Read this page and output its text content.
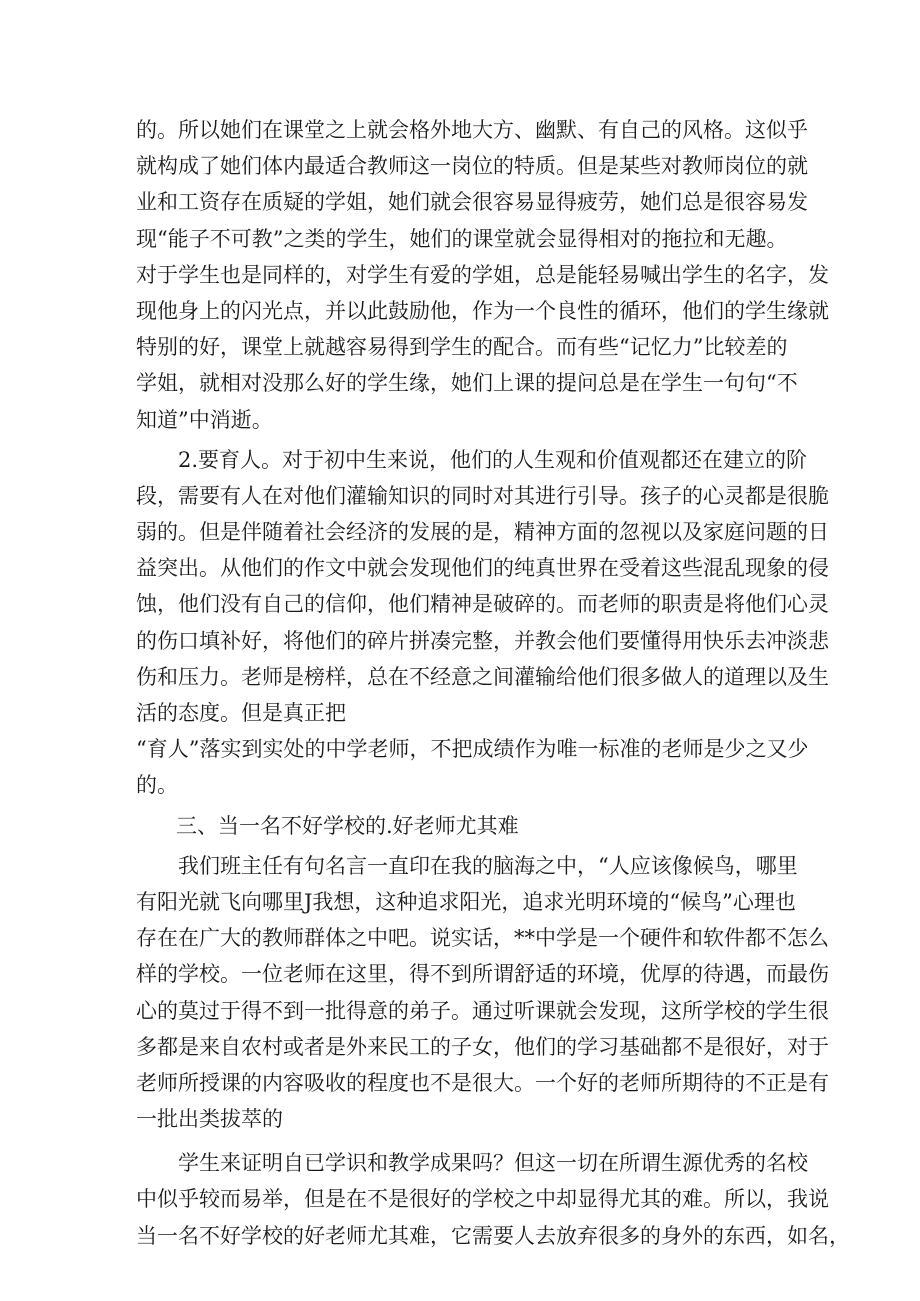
的。所以她们在课堂之上就会格外地大方、幽默、有自己的风格。这似乎
就构成了她们体内最适合教师这一岗位的特质。但是某些对教师岗位的就
业和工资存在质疑的学姐，她们就会很容易显得疲劳，她们总是很容易发
现“能子不可教”之类的学生，她们的课堂就会显得相对的拖拉和无趣。
对于学生也是同样的，对学生有爱的学姐，总是能轻易喊出学生的名字，发
现他身上的闪光点，并以此鼓励他，作为一个良性的循环，他们的学生缘就
特别的好，课堂上就越容易得到学生的配合。而有些“记忆力”比较差的
学姐，就相对没那么好的学生缘，她们上课的提问总是在学生一句句“不
知道”中消逝。
2.要育人。对于初中生来说，他们的人生观和价值观都还在建立的阶
段，需要有人在对他们灌输知识的同时对其进行引导。孩子的心灵都是很脆
弱的。但是伴随着社会经济的发展的是，精神方面的忽视以及家庭问题的日
益突出。从他们的作文中就会发现他们的纯真世界在受着这些混乱现象的侵
蚀，他们没有自己的信仰，他们精神是破碎的。而老师的职责是将他们心灵
的伤口填补好，将他们的碎片拼凑完整，并教会他们要懂得用快乐去冲淡悲
伤和压力。老师是榜样，总在不经意之间灌输给他们很多做人的道理以及生
活的态度。但是真正把
“育人”落实到实处的中学老师，不把成绩作为唯一标准的老师是少之又少
的。
三、当一名不好学校的.好老师尤其难
我们班主任有句名言一直印在我的脑海之中，“人应该像候鸟，哪里
有阳光就飞向哪里J我想，这种追求阳光，追求光明环境的“候鸟”心理也
存在在广大的教师群体之中吧。说实话，**中学是一个硬件和软件都不怎么
样的学校。一位老师在这里，得不到所谓舒适的环境，优厚的待遇，而最伤
心的莫过于得不到一批得意的弟子。通过听课就会发现，这所学校的学生很
多都是来自农村或者是外来民工的子女，他们的学习基础都不是很好，对于
老师所授课的内容吸收的程度也不是很大。一个好的老师所期待的不正是有
一批出类拔萃的
学生来证明自已学识和教学成果吗？但这一切在所谓生源优秀的名校
中似乎较而易举，但是在不是很好的学校之中却显得尤其的难。所以，我说
当一名不好学校的好老师尤其难，它需要人去放弃很多的身外的东西，如名，
